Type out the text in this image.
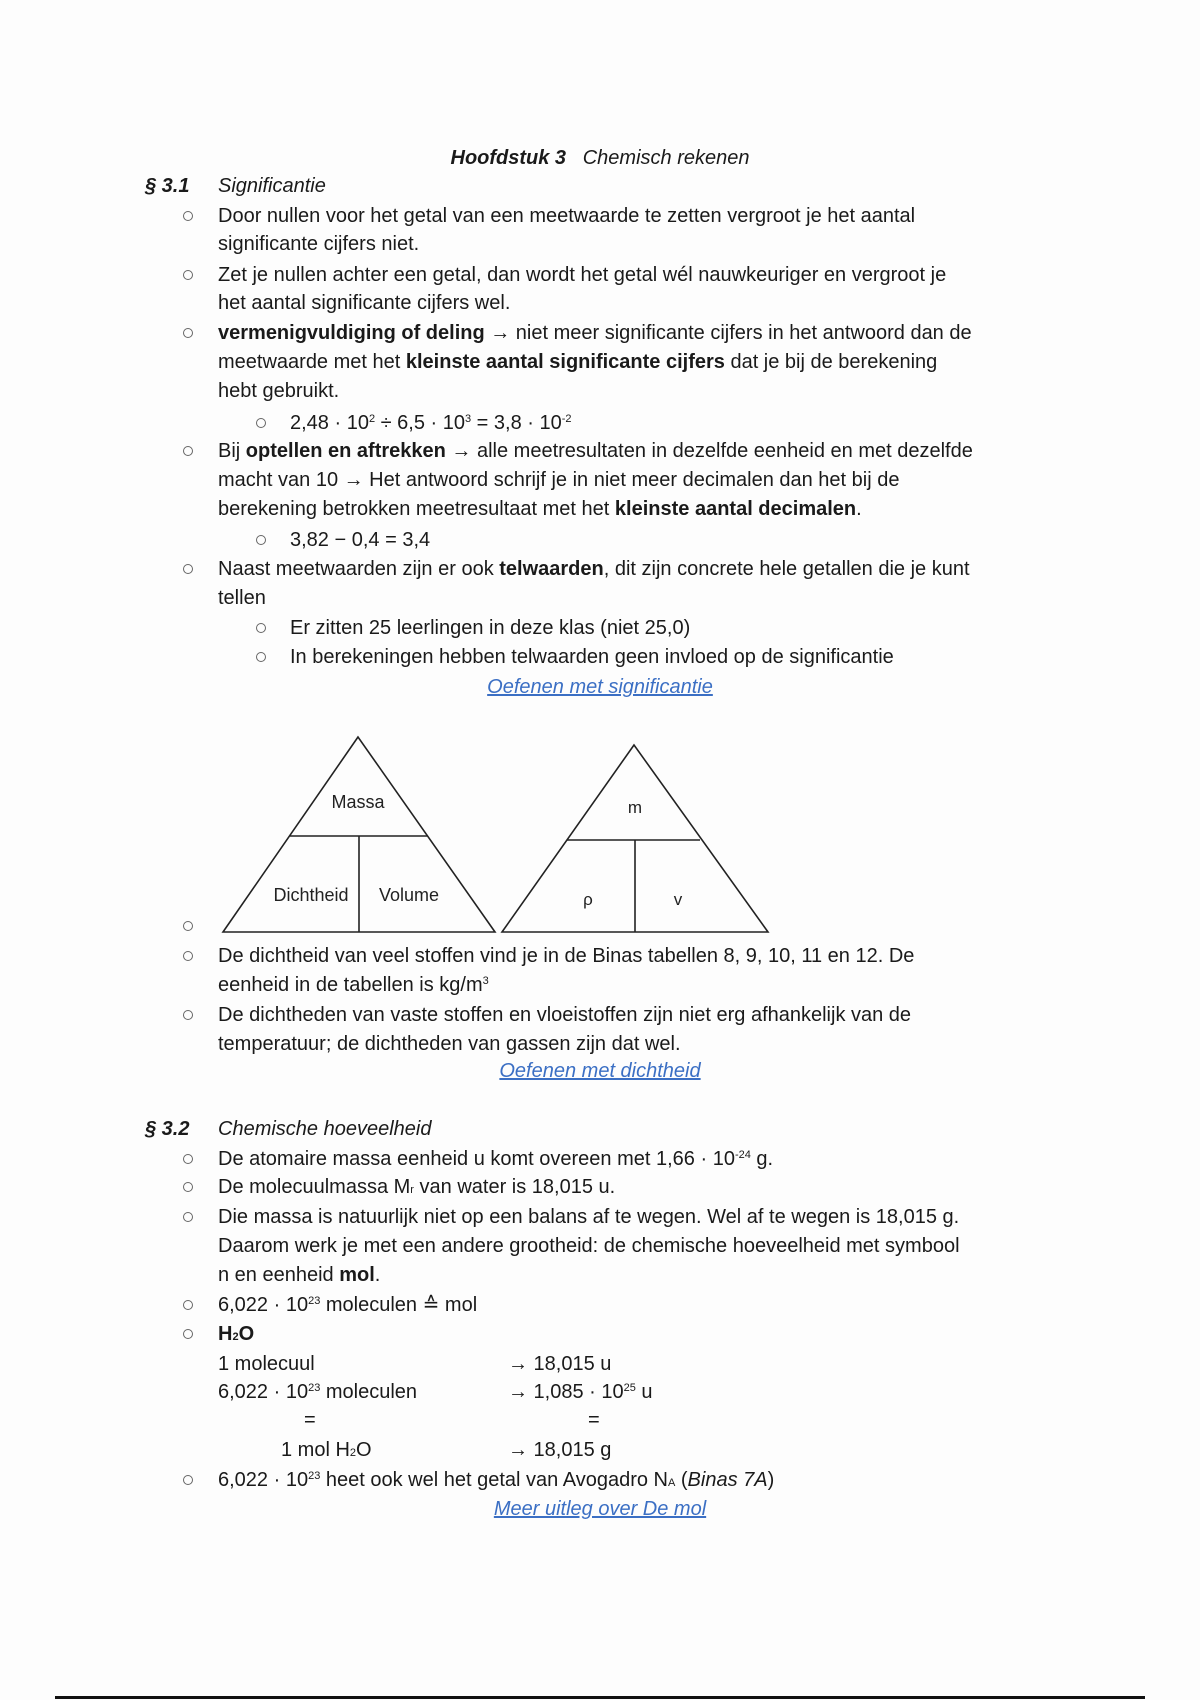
Hoofdstuk 3 Chemisch rekenen
§ 3.1 Significantie
Door nullen voor het getal van een meetwaarde te zetten vergroot je het aantal
significante cijfers niet.
Zet je nullen achter een getal, dan wordt het getal wél nauwkeuriger en vergroot je
het aantal significante cijfers wel.
vermenigvuldiging of deling → niet meer significante cijfers in het antwoord dan de
meetwaarde met het kleinste aantal significante cijfers dat je bij de berekening
hebt gebruikt.
$2,48 \cdot 10^2 \div 6,5 \cdot 10^3 = 3,8 \cdot 10^{-2}$
Bij optellen en aftrekken → alle meetresultaten in dezelfde eenheid en met dezelfde
macht van 10 → Het antwoord schrijf je in niet meer decimalen dan het bij de
berekening betrokken meetresultaat met het kleinste aantal decimalen.
3,82 − 0,4 = 3,4
Naast meetwaarden zijn er ook telwaarden, dit zijn concrete hele getallen die je kunt
tellen
Er zitten 25 leerlingen in deze klas (niet 25,0)
In berekeningen hebben telwaarden geen invloed op de significantie
Oefenen met significantie
Massa
Dichtheid Volume
m
ρ	v
De dichtheid van veel stoffen vind je in de Binas tabellen 8, 9, 10, 11 en 12. De
eenheid in de tabellen is $kg/m^3$
De dichtheden van vaste stoffen en vloeistoffen zijn niet erg afhankelijk van de
temperatuur; de dichtheden van gassen zijn dat wel.
Oefenen met dichtheid
§ 3.2 Chemische hoeveelheid
De atomaire massa eenheid u komt overeen met $1,66 \cdot 10^{-24}$ g.
De molecuulmassa $M_r$ van water is 18,015 u.
Die massa is natuurlijk niet op een balans af te wegen. Wel af te wegen is 18,015 g.
Daarom werk je met een andere grootheid: de chemische hoeveelheid met symbool
n en eenheid mol.
$6,022 \cdot 10^{23}$ moleculen ≙ mol
$H_2O$
1 molecuul	→ 18,015 u
$6,022 \cdot 10^{23}$ moleculen	→ $1,085 \cdot 10^{25}$ u
=	=
1 mol $H_2O$	→ 18,015 g
$6,022 \cdot 10^{23}$ heet ook wel het getal van Avogadro $N_A$ (Binas 7A)
Meer uitleg over De mol
